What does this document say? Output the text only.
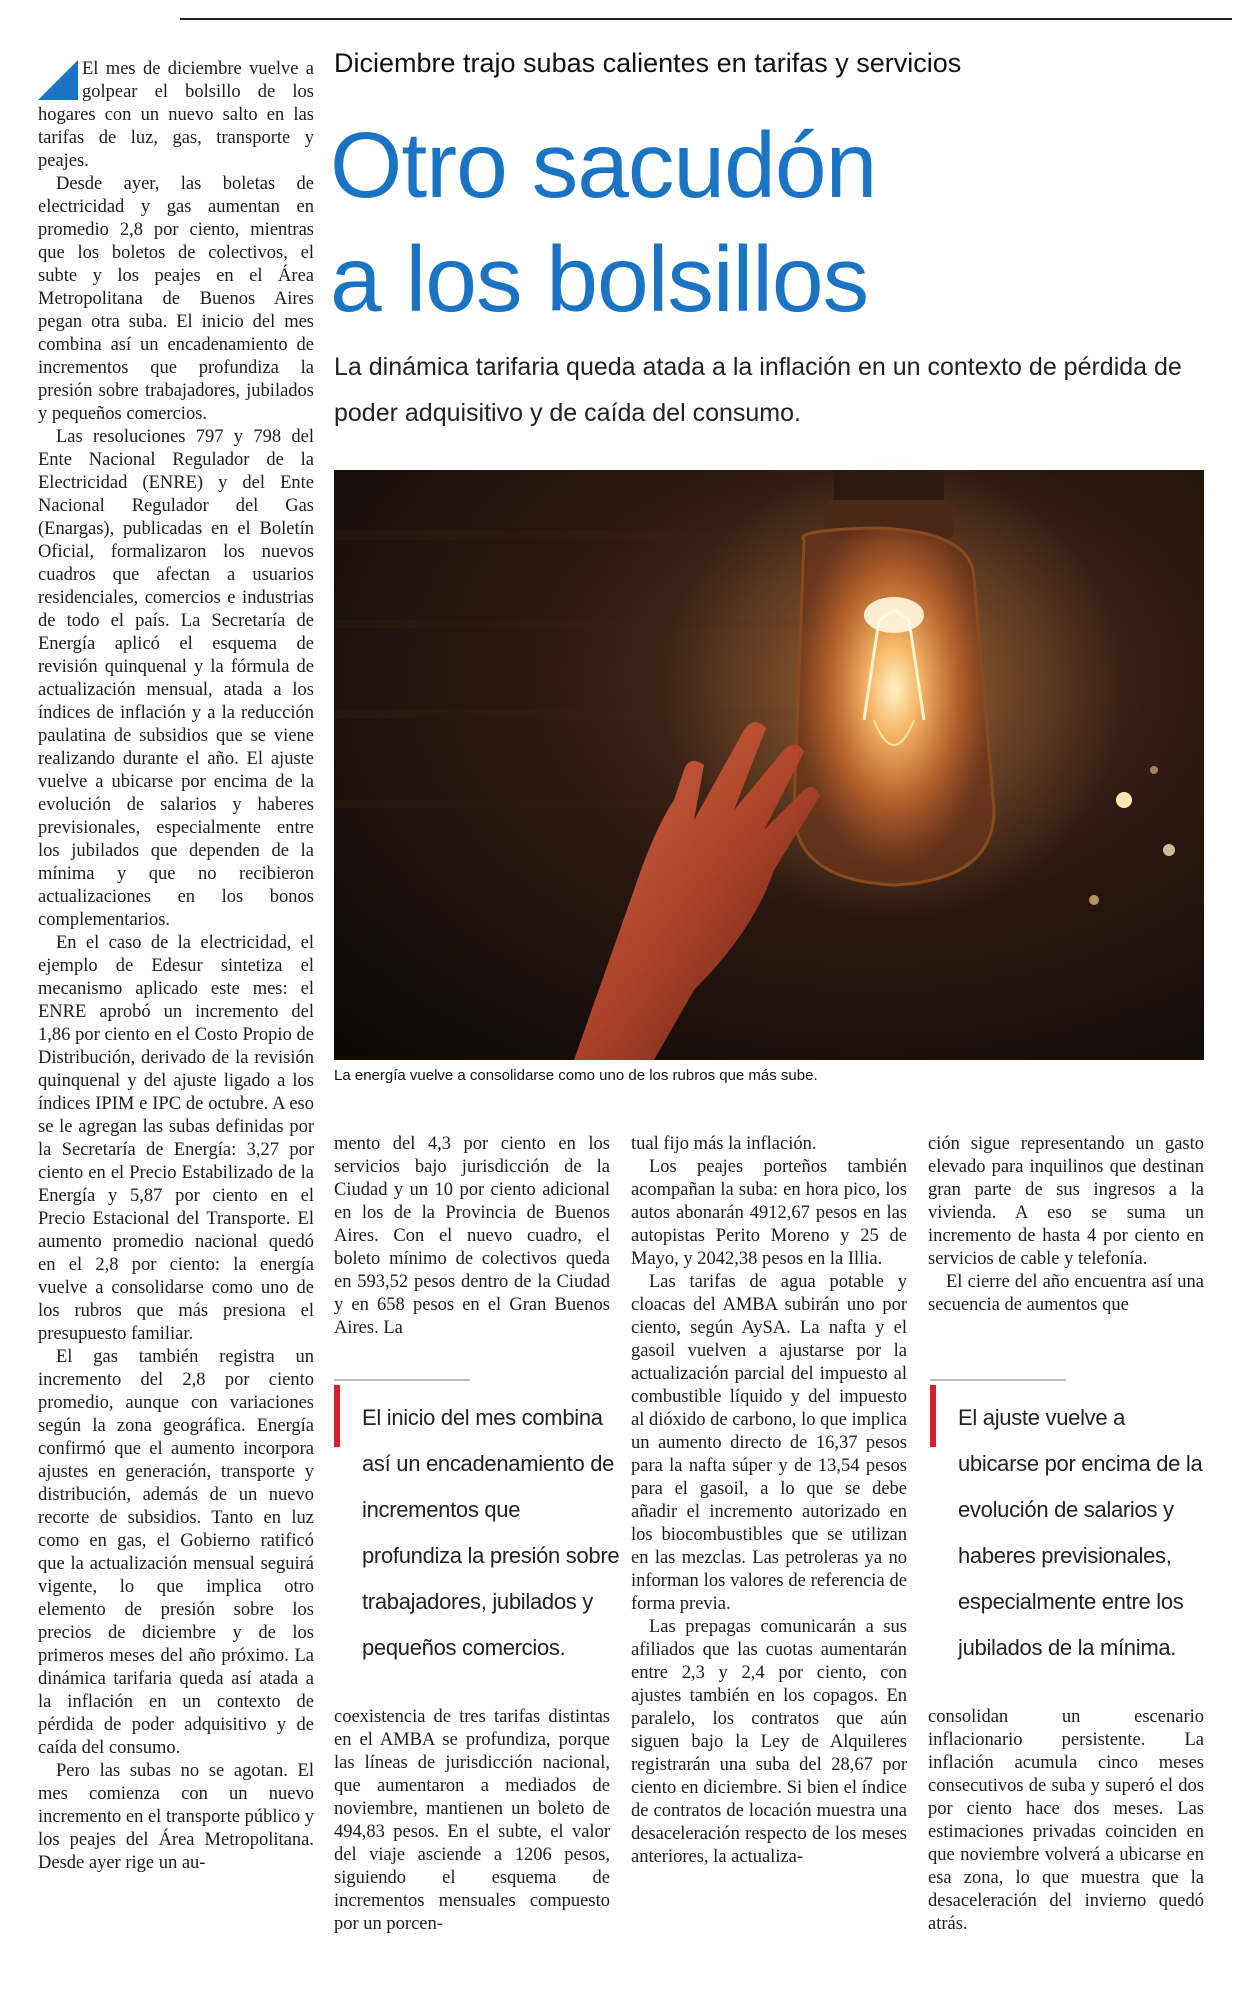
El mes de diciembre vuelve a golpear el bolsillo de los hogares con un nuevo salto en las tarifas de luz, gas, transporte y peajes.

Desde ayer, las boletas de electricidad y gas aumentan en promedio 2,8 por ciento, mientras que los boletos de colectivos, el subte y los peajes en el Área Metropolitana de Buenos Aires pegan otra suba. El inicio del mes combina así un encadenamiento de incrementos que profundiza la presión sobre trabajadores, jubilados y pequeños comercios.

Las resoluciones 797 y 798 del Ente Nacional Regulador de la Electricidad (ENRE) y del Ente Nacional Regulador del Gas (Enargas), publicadas en el Boletín Oficial, formalizaron los nuevos cuadros que afectan a usuarios residenciales, comercios e industrias de todo el país. La Secretaría de Energía aplicó el esquema de revisión quinquenal y la fórmula de actualización mensual, atada a los índices de inflación y a la reducción paulatina de subsidios que se viene realizando durante el año. El ajuste vuelve a ubicarse por encima de la evolución de salarios y haberes previsionales, especialmente entre los jubilados que dependen de la mínima y que no recibieron actualizaciones en los bonos complementarios.

En el caso de la electricidad, el ejemplo de Edesur sintetiza el mecanismo aplicado este mes: el ENRE aprobó un incremento del 1,86 por ciento en el Costo Propio de Distribución, derivado de la revisión quinquenal y del ajuste ligado a los índices IPIM e IPC de octubre. A eso se le agregan las subas definidas por la Secretaría de Energía: 3,27 por ciento en el Precio Estabilizado de la Energía y 5,87 por ciento en el Precio Estacional del Transporte. El aumento promedio nacional quedó en el 2,8 por ciento: la energía vuelve a consolidarse como uno de los rubros que más presiona el presupuesto familiar.

El gas también registra un incremento del 2,8 por ciento promedio, aunque con variaciones según la zona geográfica. Energía confirmó que el aumento incorpora ajustes en generación, transporte y distribución, además de un nuevo recorte de subsidios. Tanto en luz como en gas, el Gobierno ratificó que la actualización mensual seguirá vigente, lo que implica otro elemento de presión sobre los precios de diciembre y de los primeros meses del año próximo. La dinámica tarifaria queda así atada a la inflación en un contexto de pérdida de poder adquisitivo y de caída del consumo.

Pero las subas no se agotan. El mes comienza con un nuevo incremento en el transporte público y los peajes del Área Metropolitana. Desde ayer rige un au-

Diciembre trajo subas calientes en tarifas y servicios
Otro sacudón
a los bolsillos
La dinámica tarifaria queda atada a la inflación en un contexto de pérdida de poder adquisitivo y de caída del consumo.
La energía vuelve a consolidarse como uno de los rubros que más sube.

mento del 4,3 por ciento en los servicios bajo jurisdicción de la Ciudad y un 10 por ciento adicional en los de la Provincia de Buenos Aires. Con el nuevo cuadro, el boleto mínimo de colectivos queda en 593,52 pesos dentro de la Ciudad y en 658 pesos en el Gran Buenos Aires. La

El inicio del mes combina así un encadenamiento de incrementos que profundiza la presión sobre trabajadores, jubilados y pequeños comercios.

coexistencia de tres tarifas distintas en el AMBA se profundiza, porque las líneas de jurisdicción nacional, que aumentaron a mediados de noviembre, mantienen un boleto de 494,83 pesos. En el subte, el valor del viaje asciende a 1206 pesos, siguiendo el esquema de incrementos mensuales compuesto por un porcen-

tual fijo más la inflación.

Los peajes porteños también acompañan la suba: en hora pico, los autos abonarán 4912,67 pesos en las autopistas Perito Moreno y 25 de Mayo, y 2042,38 pesos en la Illia.

Las tarifas de agua potable y cloacas del AMBA subirán uno por ciento, según AySA. La nafta y el gasoil vuelven a ajustarse por la actualización parcial del impuesto al combustible líquido y del impuesto al dióxido de carbono, lo que implica un aumento directo de 16,37 pesos para la nafta súper y de 13,54 pesos para el gasoil, a lo que se debe añadir el incremento autorizado en los biocombustibles que se utilizan en las mezclas. Las petroleras ya no informan los valores de referencia de forma previa.

Las prepagas comunicarán a sus afiliados que las cuotas aumentarán entre 2,3 y 2,4 por ciento, con ajustes también en los copagos. En paralelo, los contratos que aún siguen bajo la Ley de Alquileres registrarán una suba del 28,67 por ciento en diciembre. Si bien el índice de contratos de locación muestra una desaceleración respecto de los meses anteriores, la actualiza-

ción sigue representando un gasto elevado para inquilinos que destinan gran parte de sus ingresos a la vivienda. A eso se suma un incremento de hasta 4 por ciento en servicios de cable y telefonía.

El cierre del año encuentra así una secuencia de aumentos que

El ajuste vuelve a ubicarse por encima de la evolución de salarios y haberes previsionales, especialmente entre los jubilados de la mínima.

consolidan un escenario inflacionario persistente. La inflación acumula cinco meses consecutivos de suba y superó el dos por ciento hace dos meses. Las estimaciones privadas coinciden en que noviembre volverá a ubicarse en esa zona, lo que muestra que la desaceleración del invierno quedó atrás.
